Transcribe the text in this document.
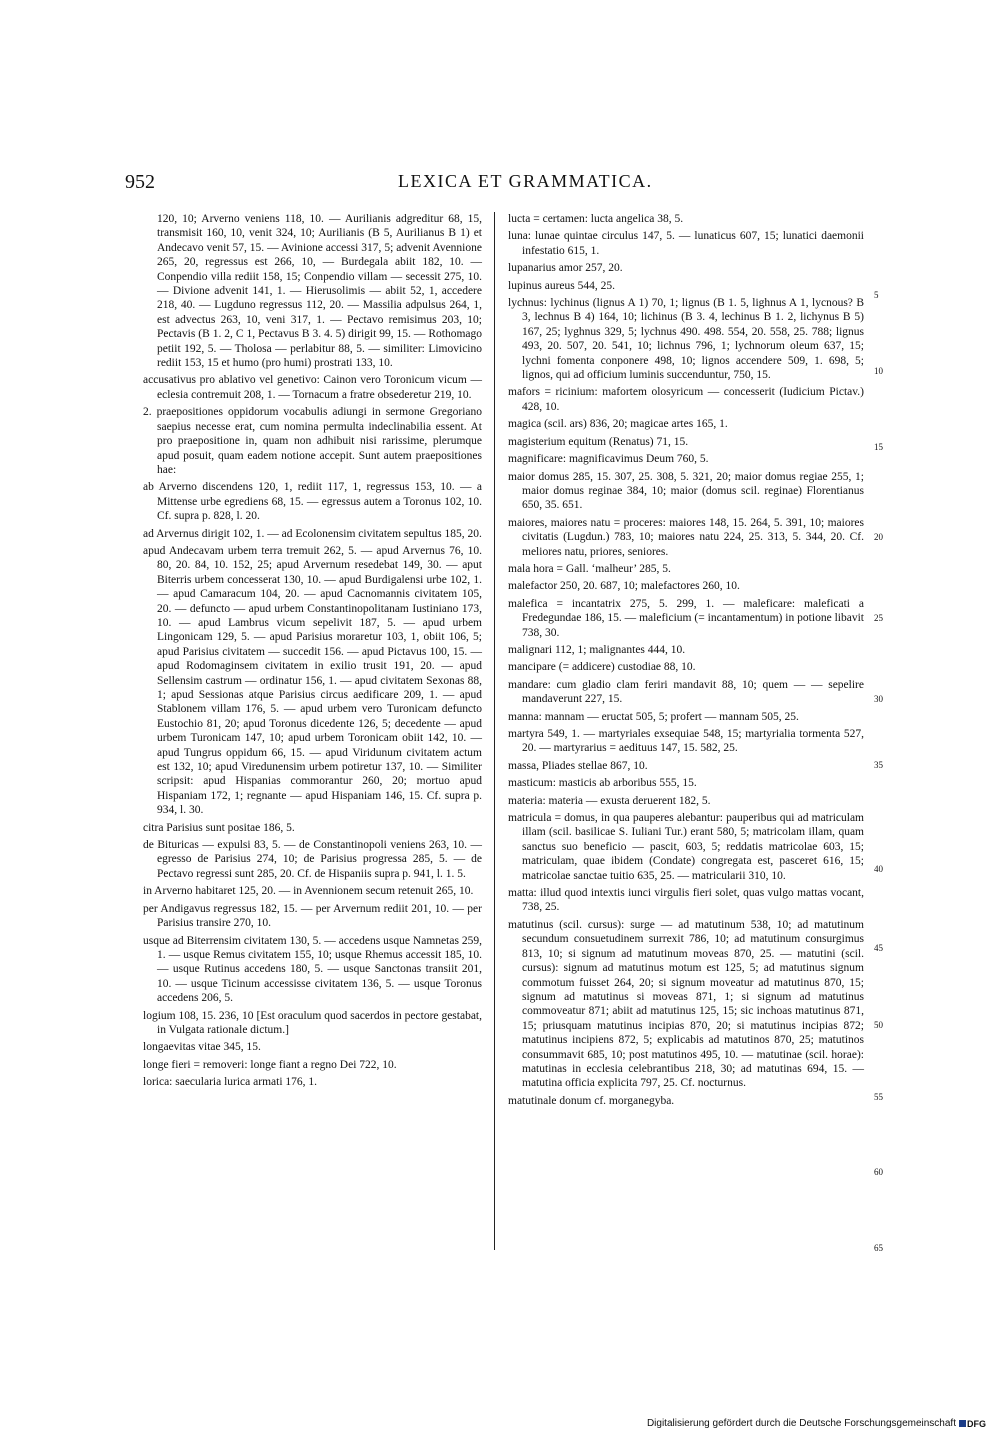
952	LEXICA ET GRAMMATICA.

120, 10; Arverno veniens 118, 10. — Aurilianis adgreditur 68, 15, transmisit 160, 10, venit 324, 10; Aurilianis (B 5, Aurilianus B 1) et Andecavo venit 57, 15. — Avinione accessi 317, 5; advenit Avennione 265, 20, regressus est 266, 10, — Burdegala abiit 182, 10. — Conpendio villa rediit 158, 15; Conpendio villam — secessit 275, 10. — Divione advenit 141, 1. — Hierusolimis — abiit 52, 1, accedere 218, 40. — Lugduno regressus 112, 20. — Massilia adpulsus 264, 1, est advectus 263, 10, veni 317, 1. — Pectavo remisimus 203, 10; Pectavis (B 1. 2, C 1, Pectavus B 3. 4. 5) dirigit 99, 15. — Rothomago petiit 192, 5. — Tholosa — perlabitur 88, 5. — similiter: Limovicino rediit 153, 15 et humo (pro humi) prostrati 133, 10.

accusativus pro ablativo vel genetivo: Cainon vero Toronicum vicum — eclesia contremuit 208, 1. — Tornacum a fratre obsederetur 219, 10.

2. praepositiones oppidorum vocabulis adiungi in sermone Gregoriano saepius necesse erat, cum nomina permulta indeclinabilia essent. At pro praepositione in, quam non adhibuit nisi rarissime, plerumque apud posuit, quam eadem notione accepit. Sunt autem praepositiones hae:

ab Arverno discendens 120, 1, rediit 117, 1, regressus 153, 10. — a Mittense urbe egrediens 68, 15. — egressus autem a Toronus 102, 10. Cf. supra p. 828, l. 20.

ad Arvernus dirigit 102, 1. — ad Ecolonensim civitatem sepultus 185, 20.

apud Andecavam urbem terra tremuit 262, 5. — apud Arvernus 76, 10. 80, 20. 84, 10. 152, 25; apud Arvernum resedebat 149, 30. — aput Biterris urbem concesserat 130, 10. — apud Burdigalensi urbe 102, 1. — apud Camaracum 104, 20. — apud Cacnomannis civitatem 105, 20. — defuncto — apud urbem Constantinopolitanam Iustiniano 173, 10. — apud Lambrus vicum sepelivit 187, 5. — apud urbem Lingonicam 129, 5. — apud Parisius moraretur 103, 1, obiit 106, 5; apud Parisius civitatem — succedit 156. — apud Pictavus 100, 15. — apud Rodomaginsem civitatem in exilio trusit 191, 20. — apud Sellensim castrum — ordinatur 156, 1. — apud civitatem Sexonas 88, 1; apud Sessionas atque Parisius circus aedificare 209, 1. — apud Stablonem villam 176, 5. — apud urbem vero Turonicam defuncto Eustochio 81, 20; apud Toronus dicedente 126, 5; decedente — apud urbem Turonicam 147, 10; apud urbem Toronicam obiit 142, 10. — apud Tungrus oppidum 66, 15. — apud Viridunum civitatem actum est 132, 10; apud Viredunensim urbem potiretur 137, 10. — Similiter scripsit: apud Hispanias commorantur 260, 20; mortuo apud Hispaniam 172, 1; regnante — apud Hispaniam 146, 15. Cf. supra p. 934, l. 30.

citra Parisius sunt positae 186, 5.

de Bituricas — expulsi 83, 5. — de Constantinopoli veniens 263, 10. — egresso de Parisius 274, 10; de Parisius progressa 285, 5. — de Pectavo regressi sunt 285, 20. Cf. de Hispaniis supra p. 941, l. 1. 5.

in Arverno habitaret 125, 20. — in Avennionem secum retenuit 265, 10.

per Andigavus regressus 182, 15. — per Arvernum rediit 201, 10. — per Parisius transire 270, 10.

usque ad Biterrensim civitatem 130, 5. — accedens usque Namnetas 259, 1. — usque Remus civitatem 155, 10; usque Rhemus accessit 185, 10. — usque Rutinus accedens 180, 5. — usque Sanctonas transiit 201, 10. — usque Ticinum accessisse civitatem 136, 5. — usque Toronus accedens 206, 5.

logium 108, 15. 236, 10 [Est oraculum quod sacerdos in pectore gestabat, in Vulgata rationale dictum.]

longaevitas vitae 345, 15.

longe fieri = removeri: longe fiant a regno Dei 722, 10.

lorica: saecularia lurica armati 176, 1.

lucta = certamen: lucta angelica 38, 5.

luna: lunae quintae circulus 147, 5. — lunaticus 607, 15; lunatici daemonii infestatio 615, 1.

lupanarius amor 257, 20.

lupinus aureus 544, 25.

lychnus: lychinus (lignus A 1) 70, 1; lignus (B 1. 5, lighnus A 1, lycnous? B 3, lechnus B 4) 164, 10; lichinus (B 3. 4, lechinus B 1. 2, lichynus B 5) 167, 25; lyghnus 329, 5; lychnus 490. 498. 554, 20. 558, 25. 788; lignus 493, 20. 507, 20. 541, 10; lichnus 796, 1; lychnorum oleum 637, 15; lychni fomenta conponere 498, 10; lignos accendere 509, 1. 698, 5; lignos, qui ad officium luminis succenduntur, 750, 15.

mafors = ricinium: mafortem olosyricum — concesserit (Iudicium Pictav.) 428, 10.

magica (scil. ars) 836, 20; magicae artes 165, 1.

magisterium equitum (Renatus) 71, 15.

magnificare: magnificavimus Deum 760, 5.

maior domus 285, 15. 307, 25. 308, 5. 321, 20; maior domus regiae 255, 1; maior domus reginae 384, 10; maior (domus scil. reginae) Florentianus 650, 35. 651.

maiores, maiores natu = proceres: maiores 148, 15. 264, 5. 391, 10; maiores civitatis (Lugdun.) 783, 10; maiores natu 224, 25. 313, 5. 344, 20. Cf. meliores natu, priores, seniores.

mala hora = Gall. ‘malheur’ 285, 5.

malefactor 250, 20. 687, 10; malefactores 260, 10.

malefica = incantatrix 275, 5. 299, 1. — maleficare: maleficati a Fredegundae 186, 15. — maleficium (= incantamentum) in potione libavit 738, 30.

malignari 112, 1; malignantes 444, 10.

mancipare (= addicere) custodiae 88, 10.

mandare: cum gladio clam feriri mandavit 88, 10; quem — — sepelire mandaverunt 227, 15.

manna: mannam — eructat 505, 5; profert — mannam 505, 25.

martyra 549, 1. — martyriales exsequiae 548, 15; martyrialia tormenta 527, 20. — martyrarius = aedituus 147, 15. 582, 25.

massa, Pliades stellae 867, 10.

masticum: masticis ab arboribus 555, 15.

materia: materia — exusta deruerent 182, 5.

matricula = domus, in qua pauperes alebantur: pauperibus qui ad matriculam illam (scil. basilicae S. Iuliani Tur.) erant 580, 5; matricolam illam, quam sanctus suo beneficio — pascit, 603, 5; reddatis matricolae 603, 15; matriculam, quae ibidem (Condate) congregata est, pasceret 616, 15; matricolae sanctae tuitio 635, 25. — matricularii 310, 10.

matta: illud quod intextis iunci virgulis fieri solet, quas vulgo mattas vocant, 738, 25.

matutinus (scil. cursus): surge — ad matutinum 538, 10; ad matutinum secundum consuetudinem surrexit 786, 10; ad matutinum consurgimus 813, 10; si signum ad matutinum moveas 870, 25. — matutini (scil. cursus): signum ad matutinus motum est 125, 5; ad matutinus signum commotum fuisset 264, 20; si signum moveatur ad matutinus 870, 15; signum ad matutinus si moveas 871, 1; si signum ad matutinus commoveatur 871; abiit ad matutinus 125, 15; sic inchoas matutinus 871, 15; priusquam matutinus incipias 870, 20; si matutinus incipias 872; matutinus incipiens 872, 5; explicabis ad matutinos 870, 25; matutinos consummavit 685, 10; post matutinos 495, 10. — matutinae (scil. horae): matutinas in ecclesia celebrantibus 218, 30; ad matutinas 694, 15. — matutina officia explicita 797, 25. Cf. nocturnus.

matutinale donum cf. morganegyba.

5
10
15
20
25
30
35
40
45
50
55
60
65
Digitalisierung gefördert durch die Deutsche Forschungsgemeinschaft DFG
